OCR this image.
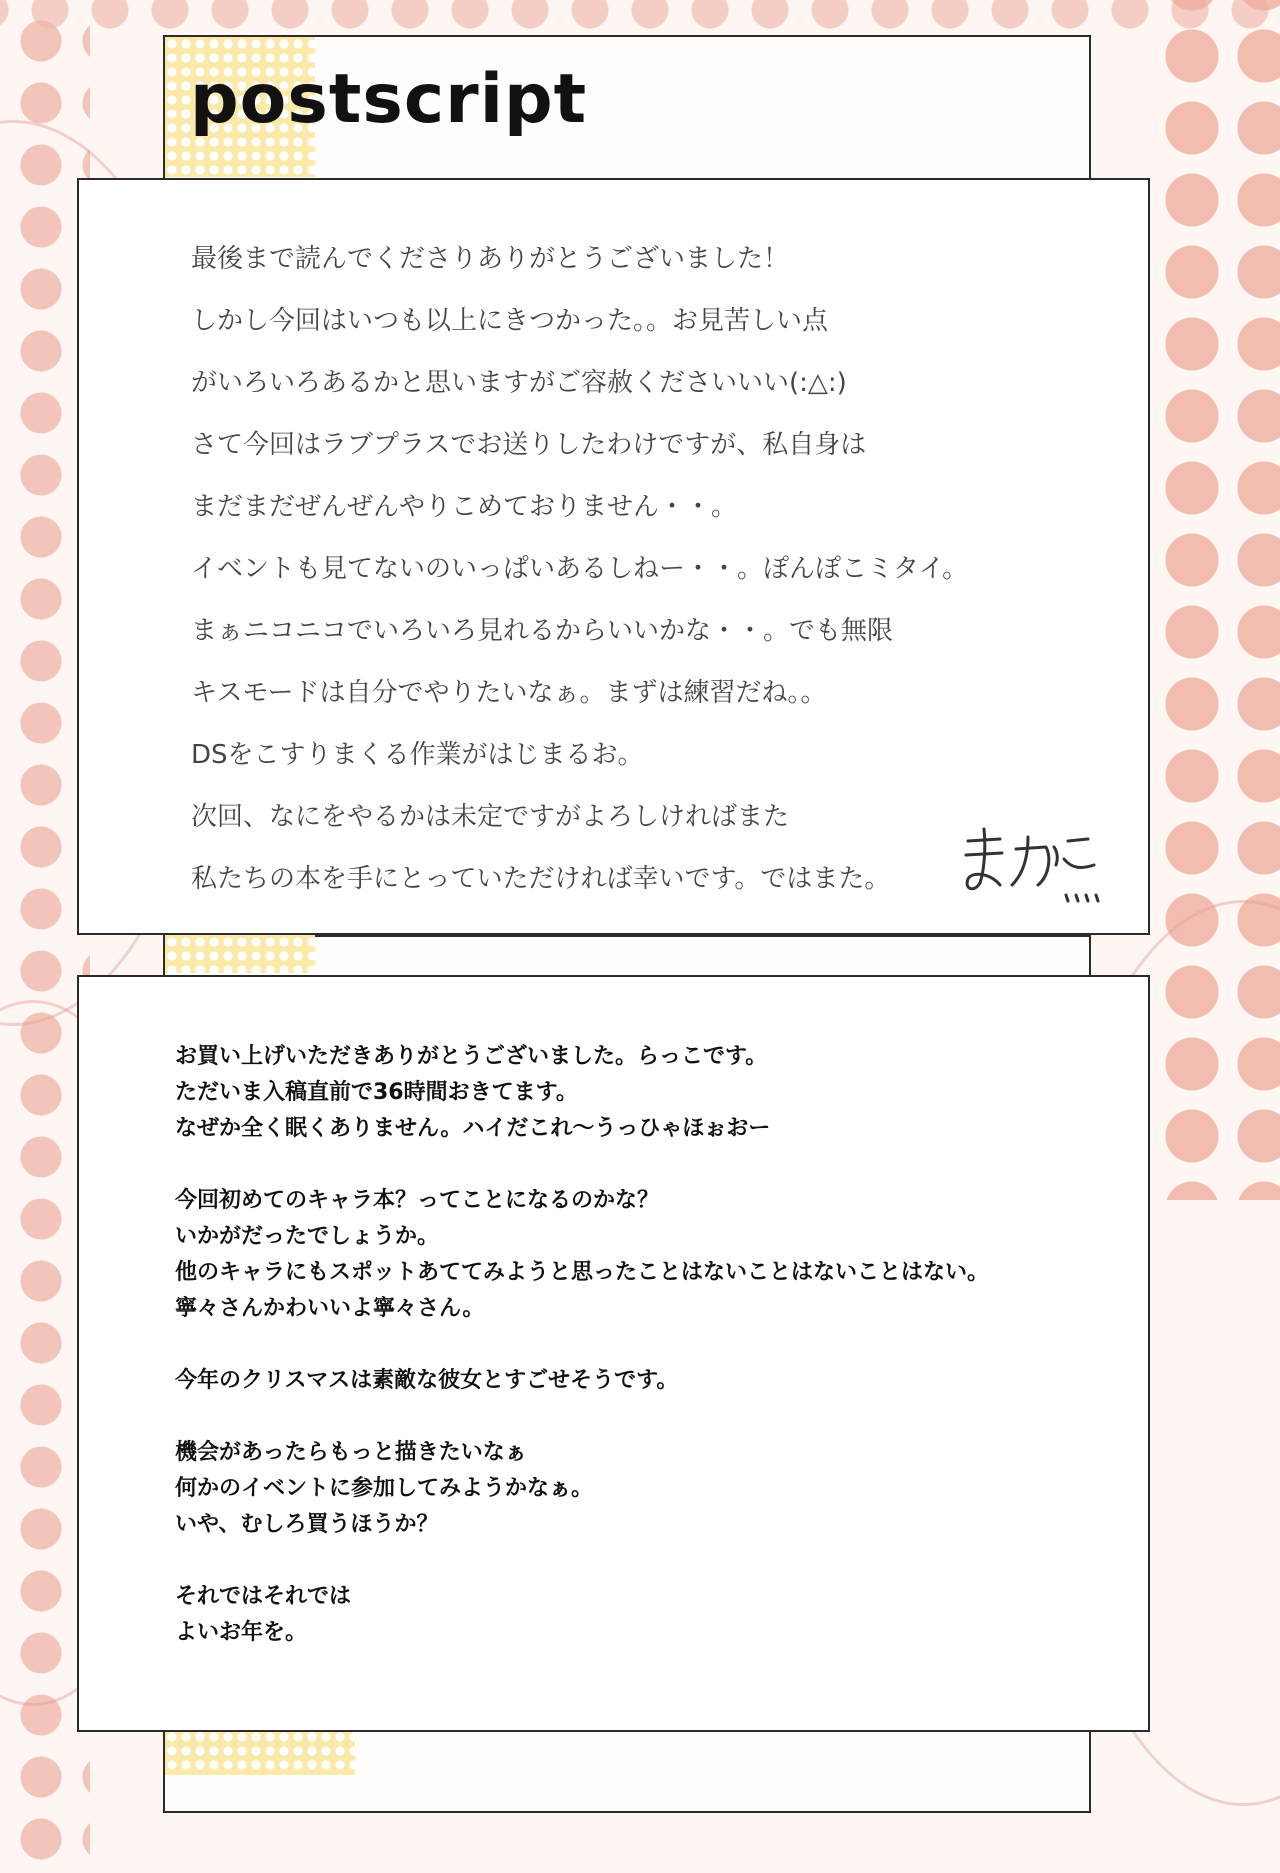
postscript
最後まで読んでくださりありがとうございました！
しかし今回はいつも以上にきつかった。。お見苦しい点
がいろいろあるかと思いますがご容赦くださいいい(:△:)
さて今回はラブプラスでお送りしたわけですが、私自身は
まだまだぜんぜんやりこめておりません・・。
イベントも見てないのいっぱいあるしねー・・。ぽんぽこミタイ。
まぁニコニコでいろいろ見れるからいいかな・・。でも無限
キスモードは自分でやりたいなぁ。まずは練習だね。。
DSをこすりまくる作業がはじまるお。
次回、なにをやるかは未定ですがよろしければまた
私たちの本を手にとっていただければ幸いです。ではまた。
お買い上げいただきありがとうございました。らっこです。
ただいま入稿直前で36時間おきてます。
なぜか全く眠くありません。ハイだこれ〜うっひゃほぉおー
今回初めてのキャラ本？ってことになるのかな？
いかがだったでしょうか。
他のキャラにもスポットあててみようと思ったことはないことはないことはない。
寧々さんかわいいよ寧々さん。
今年のクリスマスは素敵な彼女とすごせそうです。
機会があったらもっと描きたいなぁ
何かのイベントに参加してみようかなぁ。
いや、むしろ買うほうか？
それではそれでは
よいお年を。
